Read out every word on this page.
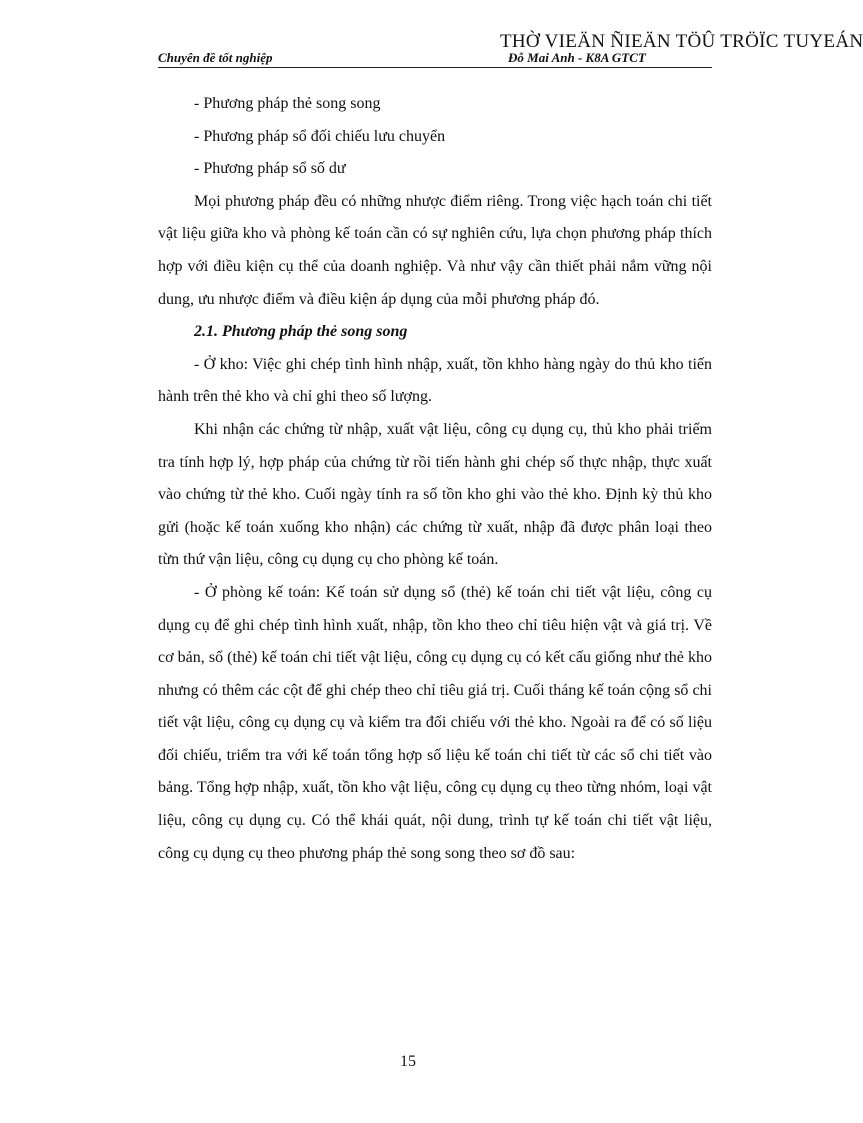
Chuyên đề tốt nghiệp	Đỗ Mai Anh - K8A GTCT
THỜ VIEÄN ÑIEÄN TÖÛ TRÖÏC TUYEÁN

- Phương pháp thẻ song song

- Phương pháp sổ đối chiếu lưu chuyển

- Phương pháp sổ số dư

Mọi phương pháp đều có những nhược điểm riêng. Trong việc hạch toán chi tiết vật liệu giữa kho và phòng kế toán cần có sự nghiên cứu, lựa chọn phương pháp thích hợp với điều kiện cụ thể của doanh nghiệp. Và như vậy cần thiết phải nắm vững nội dung, ưu nhược điểm và điều kiện áp dụng của mỗi phương pháp đó.

2.1. Phương pháp thẻ song song

- Ở kho: Việc ghi chép tình hình nhập, xuất, tồn khho hàng ngày do thủ kho tiến hành trên thẻ kho và chỉ ghi theo số lượng.

Khi nhận các chứng từ nhập, xuất vật liệu, công cụ dụng cụ, thủ kho phải triểm tra tính hợp lý, hợp pháp của chứng từ rồi tiến hành ghi chép số thực nhập, thực xuất vào chứng từ thẻ kho. Cuối ngày tính ra số tồn kho ghi vào thẻ kho. Định kỳ thủ kho gửi (hoặc kế toán xuống kho nhận) các chứng từ xuất, nhập đã được phân loại theo từn thứ vận liệu, công cụ dụng cụ cho phòng kế toán.

- Ở phòng kế toán: Kế toán sử dụng sổ (thẻ) kế toán chi tiết vật liệu, công cụ dụng cụ để ghi chép tình hình xuất, nhập, tồn kho theo chỉ tiêu hiện vật và giá trị. Về cơ bản, sổ (thẻ) kế toán chi tiết vật liệu, công cụ dụng cụ có kết cấu giống như thẻ kho nhưng có thêm các cột để ghi chép theo chỉ tiêu giá trị. Cuối tháng kế toán cộng sổ chi tiết vật liệu, công cụ dụng cụ và kiểm tra đối chiếu với thẻ kho. Ngoài ra để có số liệu đối chiếu, triểm tra với kế toán tổng hợp số liệu kế toán chi tiết từ các sổ chi tiết vào bảng. Tổng hợp nhập, xuất, tồn kho vật liệu, công cụ dụng cụ theo từng nhóm, loại vật liệu, công cụ dụng cụ. Có thể khái quát, nội dung, trình tự kế toán chi tiết vật liệu, công cụ dụng cụ theo phương pháp thẻ song song theo sơ đồ sau:

15
